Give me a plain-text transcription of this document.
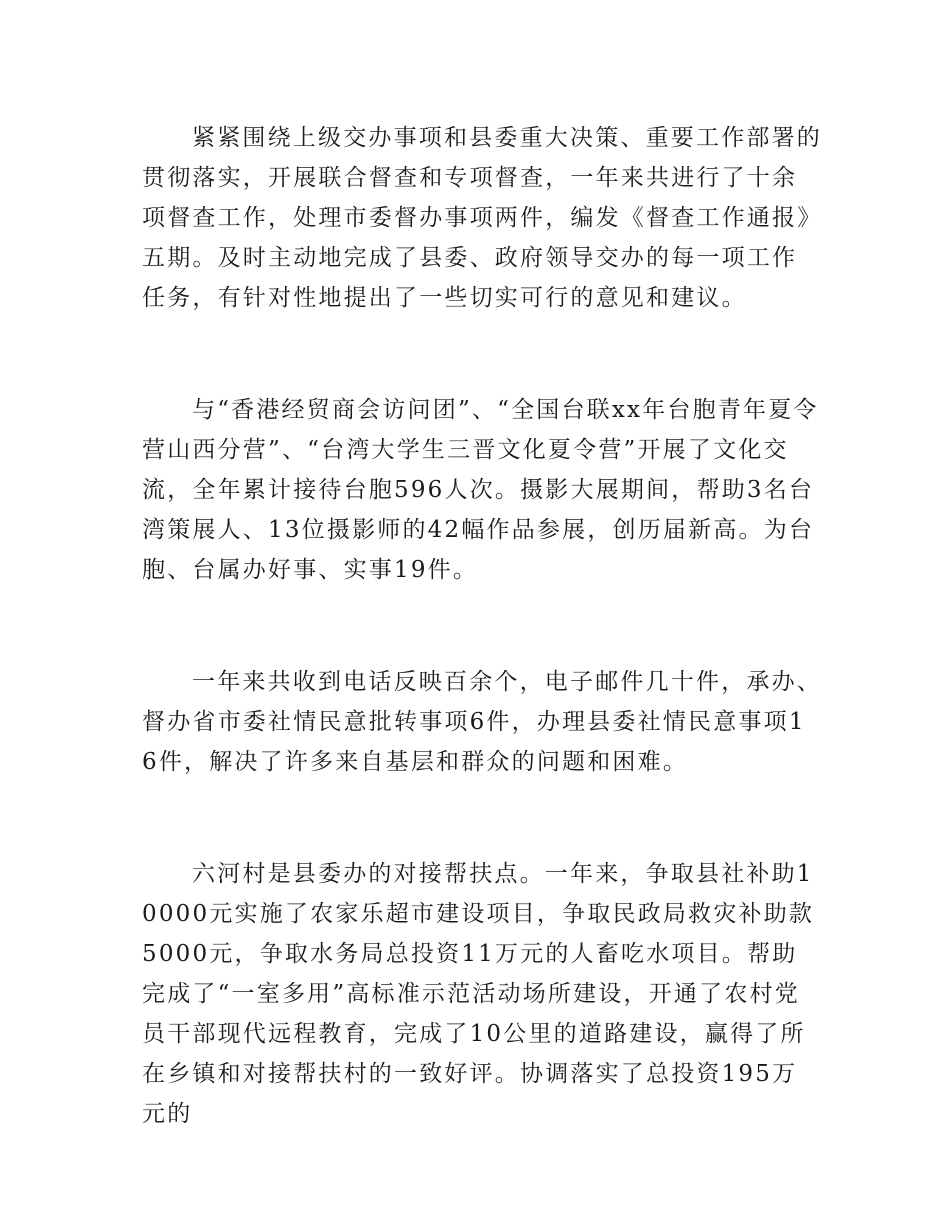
紧紧围绕上级交办事项和县委重大决策、重要工作部署的贯彻落实，开展联合督查和专项督查，一年来共进行了十余项督查工作，处理市委督办事项两件，编发《督查工作通报》五期。及时主动地完成了县委、政府领导交办的每一项工作任务，有针对性地提出了一些切实可行的意见和建议。

与“香港经贸商会访问团”、“全国台联xx年台胞青年夏令营山西分营”、“台湾大学生三晋文化夏令营”开展了文化交流，全年累计接待台胞596人次。摄影大展期间，帮助3名台湾策展人、13位摄影师的42幅作品参展，创历届新高。为台胞、台属办好事、实事19件。

一年来共收到电话反映百余个，电子邮件几十件，承办、督办省市委社情民意批转事项6件，办理县委社情民意事项16件，解决了许多来自基层和群众的问题和困难。

六河村是县委办的对接帮扶点。一年来，争取县社补助10000元实施了农家乐超市建设项目，争取民政局救灾补助款5000元，争取水务局总投资11万元的人畜吃水项目。帮助完成了“一室多用”高标准示范活动场所建设，开通了农村党员干部现代远程教育，完成了10公里的道路建设，赢得了所在乡镇和对接帮扶村的一致好评。协调落实了总投资195万元的
